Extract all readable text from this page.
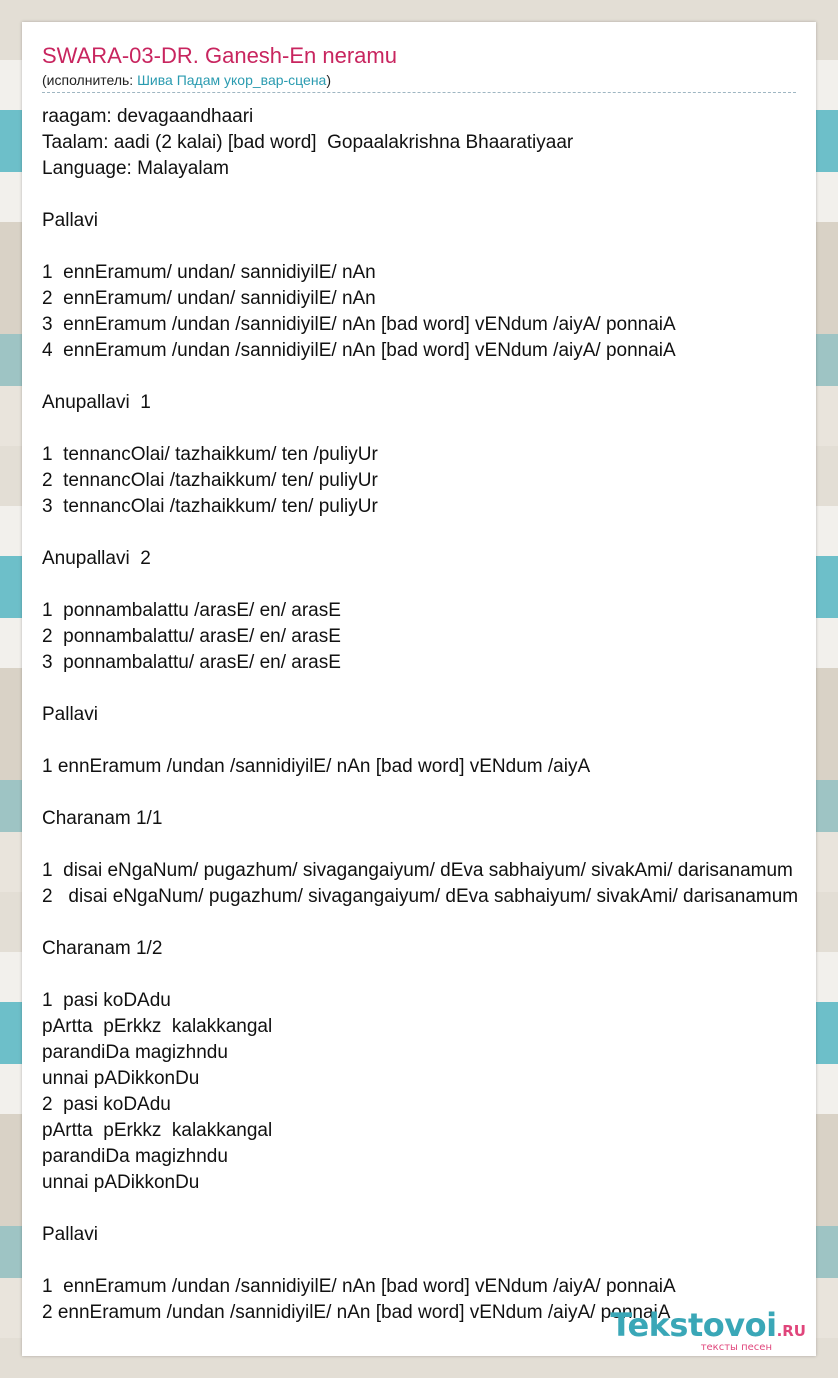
SWARA-03-DR. Ganesh-En neramu
(исполнитель: Шива Падам укор_вар-сцена)
raagam: devagaandhaari
Taalam: aadi (2 kalai) [bad word]  Gopaalakrishna Bhaaratiyaar
Language: Malayalam
Pallavi
1  ennEramum/ undan/ sannidiyilE/ nAn
2  ennEramum/ undan/ sannidiyilE/ nAn
3  ennEramum /undan /sannidiyilE/ nAn [bad word] vENdum /aiyA/ ponnaiA
4  ennEramum /undan /sannidiyilE/ nAn [bad word] vENdum /aiyA/ ponnaiA
Anupallavi  1
1  tennancOlai/ tazhaikkum/ ten /puliyUr
2  tennancOlai /tazhaikkum/ ten/ puliyUr
3  tennancOlai /tazhaikkum/ ten/ puliyUr
Anupallavi  2
1  ponnambalattu /arasE/ en/ arasE
2  ponnambalattu/ arasE/ en/ arasE
3  ponnambalattu/ arasE/ en/ arasE
Pallavi
1 ennEramum /undan /sannidiyilE/ nAn [bad word] vENdum /aiyA
Charanam 1/1
1  disai eNgaNum/ pugazhum/ sivagangaiyum/ dEva sabhaiyum/ sivakAmi/ darisanamum
2   disai eNgaNum/ pugazhum/ sivagangaiyum/ dEva sabhaiyum/ sivakAmi/ darisanamum
Charanam 1/2
1  pasi koDAdu
pArtta  pErkkz  kalakkangal
parandiDa magizhndu
unnai pADikkonDu
2  pasi koDAdu
pArtta  pErkkz  kalakkangal
parandiDa magizhndu
unnai pADikkonDu
Pallavi
1  ennEramum /undan /sannidiyilE/ nAn [bad word] vENdum /aiyA/ ponnaiA
2 ennEramum /undan /sannidiyilE/ nAn [bad word] vENdum /aiyA/ ponnaiA
Tekstovoi.RU
тексты песен
